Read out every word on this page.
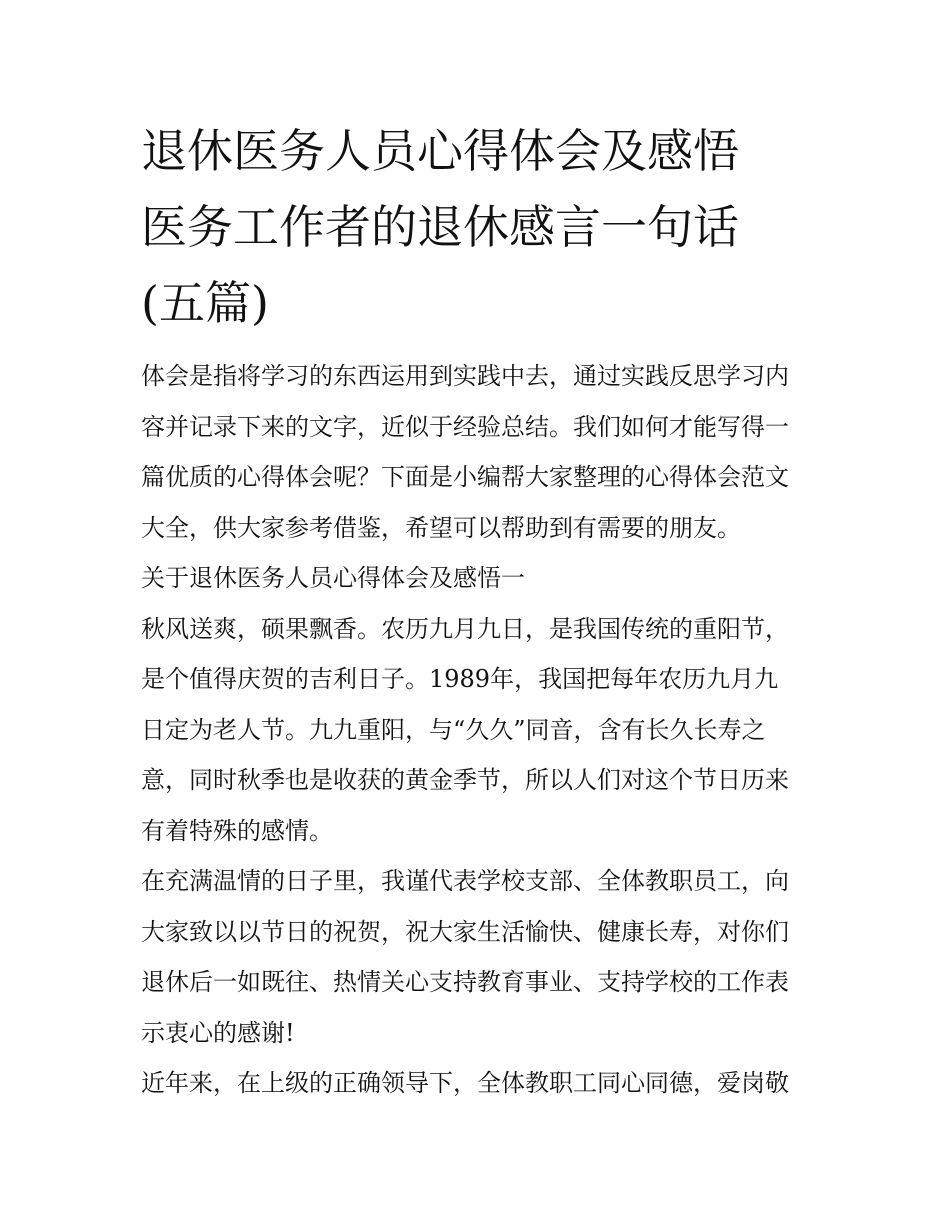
退休医务人员心得体会及感悟
医务工作者的退休感言一句话
(五篇)

体会是指将学习的东西运用到实践中去，通过实践反思学习内
容并记录下来的文字，近似于经验总结。我们如何才能写得一
篇优质的心得体会呢？下面是小编帮大家整理的心得体会范文
大全，供大家参考借鉴，希望可以帮助到有需要的朋友。

关于退休医务人员心得体会及感悟一

秋风送爽，硕果飘香。农历九月九日，是我国传统的重阳节，
是个值得庆贺的吉利日子。1989年，我国把每年农历九月九
日定为老人节。九九重阳，与“久久”同音，含有长久长寿之
意，同时秋季也是收获的黄金季节，所以人们对这个节日历来
有着特殊的感情。

在充满温情的日子里，我谨代表学校支部、全体教职员工，向
大家致以以节日的祝贺，祝大家生活愉快、健康长寿，对你们
退休后一如既往、热情关心支持教育事业、支持学校的工作表
示衷心的感谢!

近年来，在上级的正确领导下，全体教职工同心同德，爱岗敬
